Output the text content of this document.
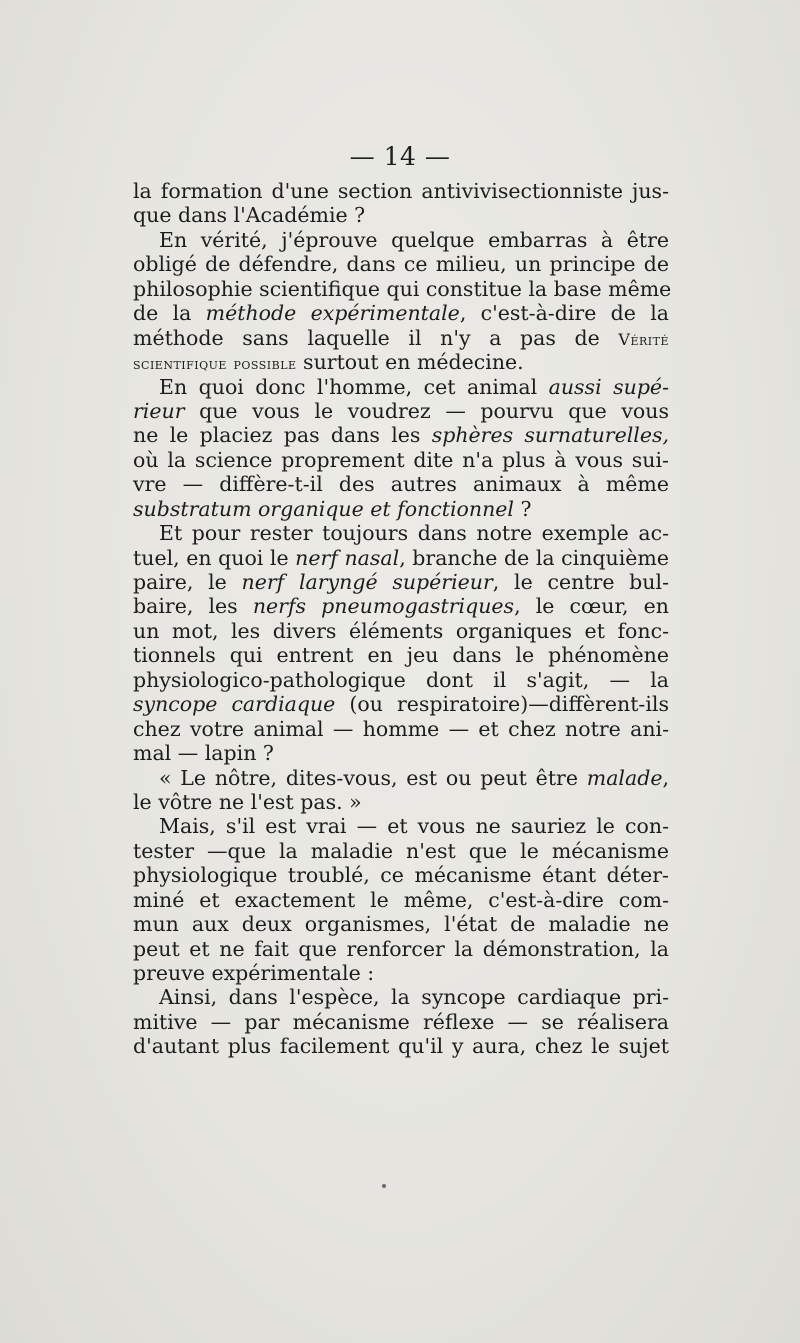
— 14 —
la formation d'une section antivivisectionniste jus-
que dans l'Académie ?
En vérité, j'éprouve quelque embarras à être
obligé de défendre, dans ce milieu, un principe de
philosophie scientifique qui constitue la base même
de la méthode expérimentale, c'est-à-dire de la
méthode sans laquelle il n'y a pas de Vérité
scientifique possible surtout en médecine.
En quoi donc l'homme, cet animal aussi supé-
rieur que vous le voudrez — pourvu que vous
ne le placiez pas dans les sphères surnaturelles,
où la science proprement dite n'a plus à vous sui-
vre — diffère-t-il des autres animaux à même
substratum organique et fonctionnel ?
Et pour rester toujours dans notre exemple ac-
tuel, en quoi le nerf nasal, branche de la cinquième
paire, le nerf laryngé supérieur, le centre bul-
baire, les nerfs pneumogastriques, le cœur, en
un mot, les divers éléments organiques et fonc-
tionnels qui entrent en jeu dans le phénomène
physiologico-pathologique dont il s'agit, — la
syncope cardiaque (ou respiratoire)—diffèrent-ils
chez votre animal — homme — et chez notre ani-
mal — lapin ?
« Le nôtre, dites-vous, est ou peut être malade,
le vôtre ne l'est pas. »
Mais, s'il est vrai — et vous ne sauriez le con-
tester —que la maladie n'est que le mécanisme
physiologique troublé, ce mécanisme étant déter-
miné et exactement le même, c'est-à-dire com-
mun aux deux organismes, l'état de maladie ne
peut et ne fait que renforcer la démonstration, la
preuve expérimentale :
Ainsi, dans l'espèce, la syncope cardiaque pri-
mitive — par mécanisme réflexe — se réalisera
d'autant plus facilement qu'il y aura, chez le sujet
